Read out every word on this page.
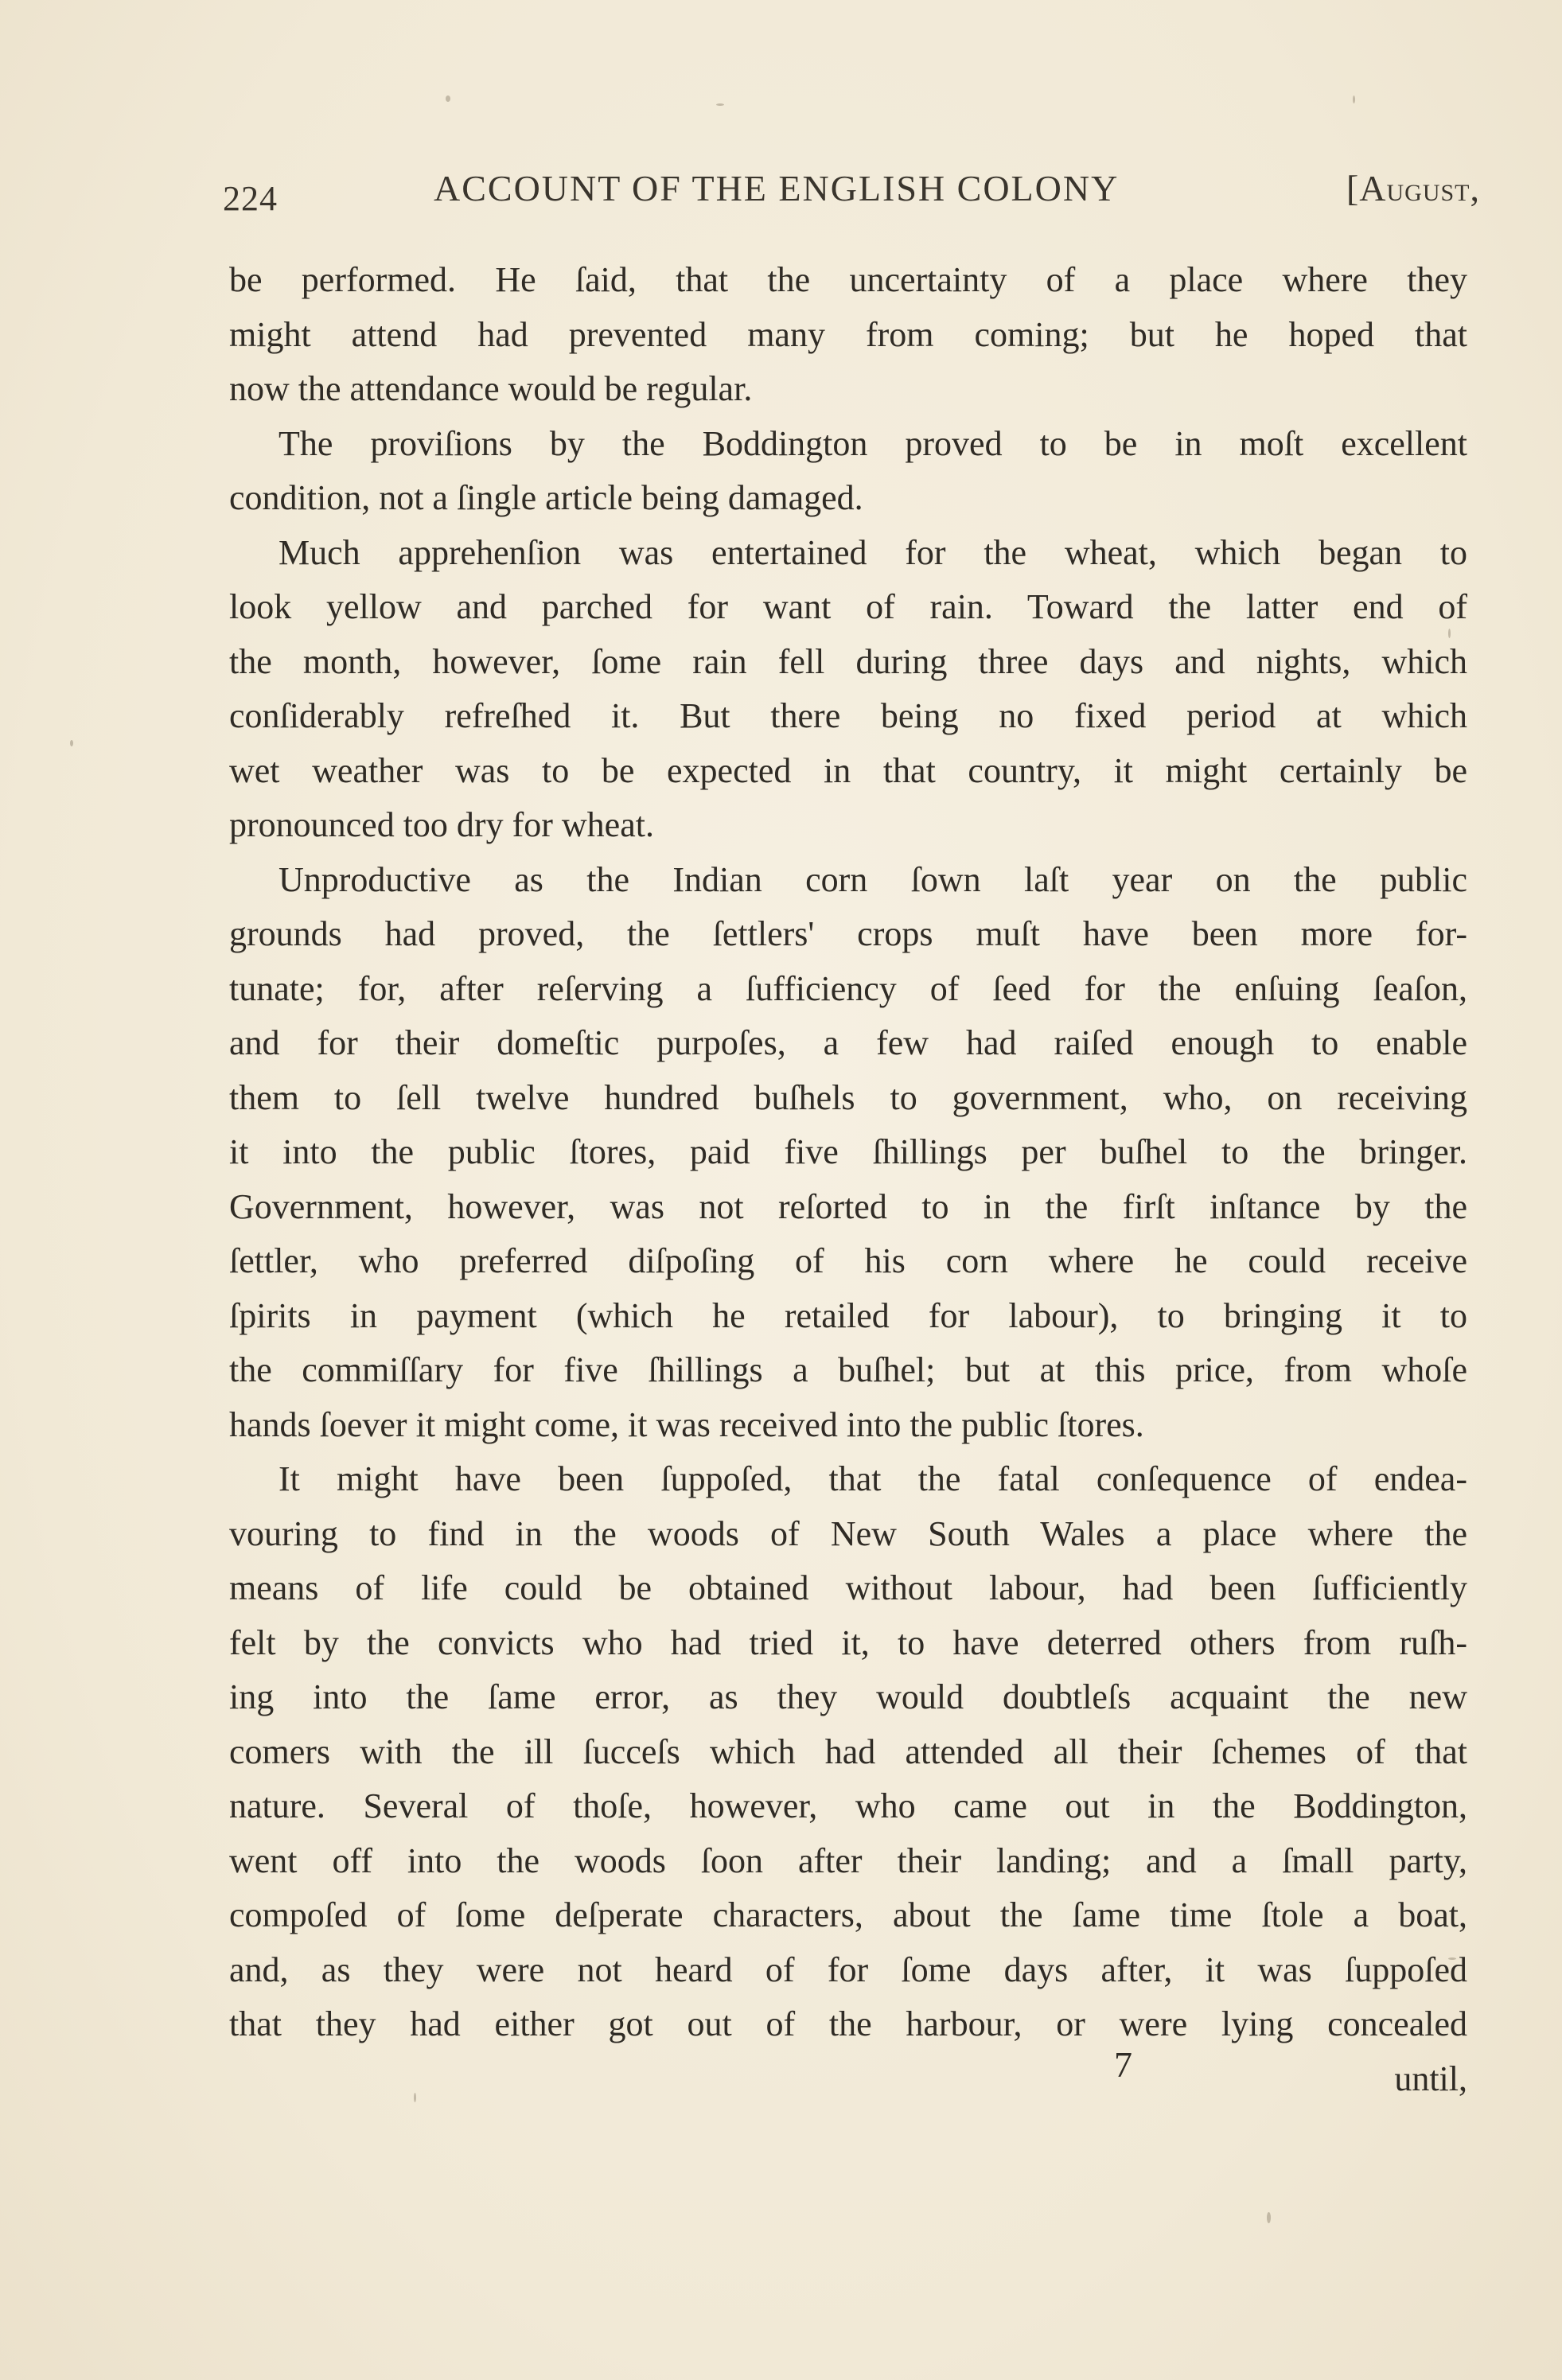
224	ACCOUNT OF THE ENGLISH COLONY	[AUGUST,
be performed. He ſaid, that the uncertainty of a place where they
might attend had prevented many from coming; but he hoped that
now the attendance would be regular.
The proviſions by the Boddington proved to be in moſt excellent
condition, not a ſingle article being damaged.
Much apprehenſion was entertained for the wheat, which began to
look yellow and parched for want of rain. Toward the latter end of
the month, however, ſome rain fell during three days and nights, which
conſiderably refreſhed it. But there being no fixed period at which
wet weather was to be expected in that country, it might certainly be
pronounced too dry for wheat.
Unproductive as the Indian corn ſown laſt year on the public
grounds had proved, the ſettlers' crops muſt have been more for-
tunate; for, after reſerving a ſufficiency of ſeed for the enſuing ſeaſon,
and for their domeſtic purpoſes, a few had raiſed enough to enable
them to ſell twelve hundred buſhels to government, who, on receiving
it into the public ſtores, paid five ſhillings per buſhel to the bringer.
Government, however, was not reſorted to in the firſt inſtance by the
ſettler, who preferred diſpoſing of his corn where he could receive
ſpirits in payment (which he retailed for labour), to bringing it to
the commiſſary for five ſhillings a buſhel; but at this price, from whoſe
hands ſoever it might come, it was received into the public ſtores.
It might have been ſuppoſed, that the fatal conſequence of endea-
vouring to find in the woods of New South Wales a place where the
means of life could be obtained without labour, had been ſufficiently
felt by the convicts who had tried it, to have deterred others from ruſh-
ing into the ſame error, as they would doubtleſs acquaint the new
comers with the ill ſucceſs which had attended all their ſchemes of that
nature. Several of thoſe, however, who came out in the Boddington,
went off into the woods ſoon after their landing; and a ſmall party,
compoſed of ſome deſperate characters, about the ſame time ſtole a boat,
and, as they were not heard of for ſome days after, it was ſuppoſed
that they had either got out of the harbour, or were lying concealed
until,
7
